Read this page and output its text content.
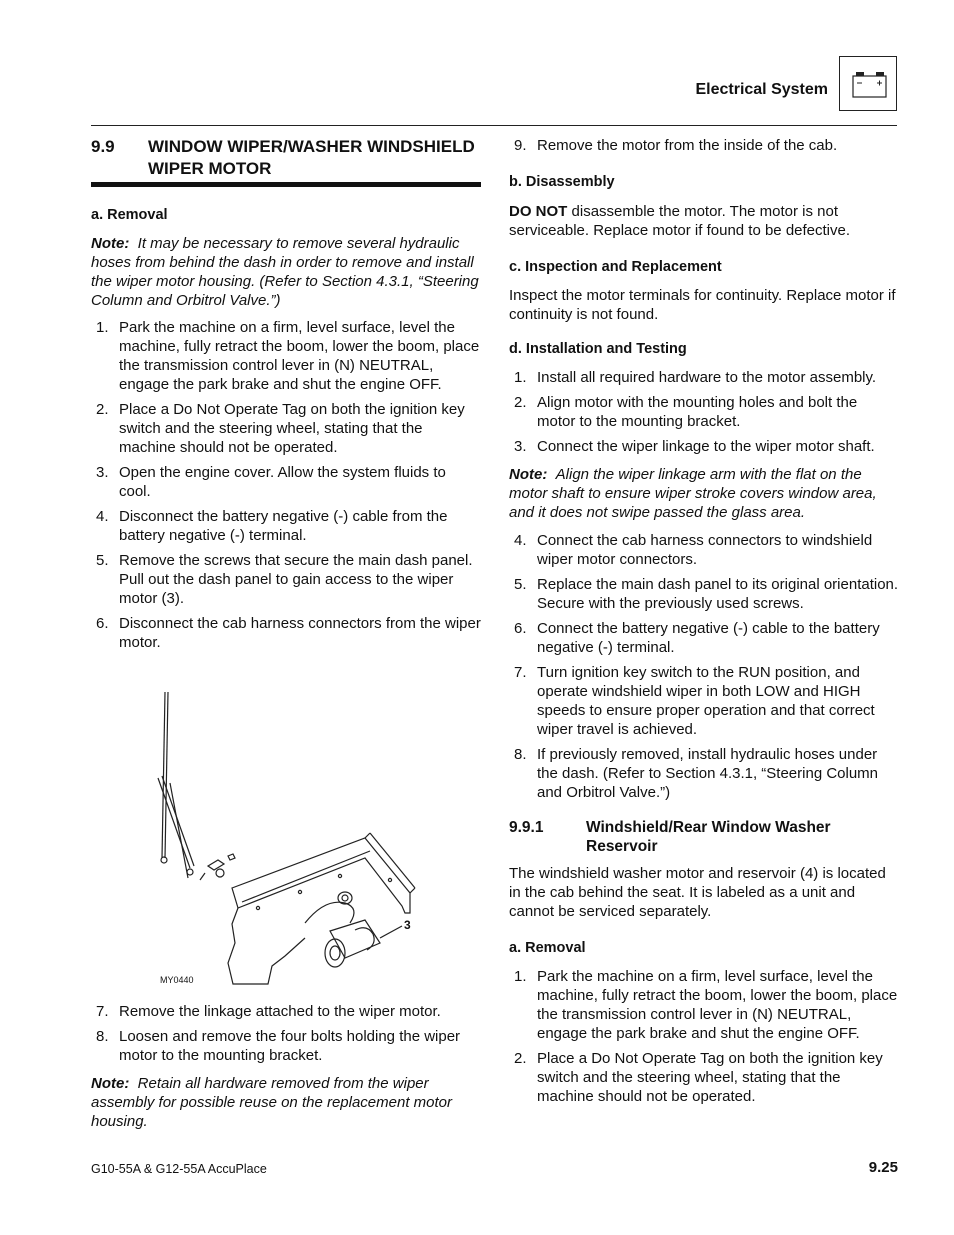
Electrical System
9.9 WINDOW WIPER/WASHER WINDSHIELD WIPER MOTOR
a. Removal
Note: It may be necessary to remove several hydraulic hoses from behind the dash in order to remove and install the wiper motor housing. (Refer to Section 4.3.1, “Steering Column and Orbitrol Valve.”)
1. Park the machine on a firm, level surface, level the machine, fully retract the boom, lower the boom, place the transmission control lever in (N) NEUTRAL, engage the park brake and shut the engine OFF.
2. Place a Do Not Operate Tag on both the ignition key switch and the steering wheel, stating that the machine should not be operated.
3. Open the engine cover. Allow the system fluids to cool.
4. Disconnect the battery negative (-) cable from the battery negative (-) terminal.
5. Remove the screws that secure the main dash panel. Pull out the dash panel to gain access to the wiper motor (3).
6. Disconnect the cab harness connectors from the wiper motor.
3
MY0440
7. Remove the linkage attached to the wiper motor.
8. Loosen and remove the four bolts holding the wiper motor to the mounting bracket.
Note: Retain all hardware removed from the wiper assembly for possible reuse on the replacement motor housing.
9. Remove the motor from the inside of the cab.
b. Disassembly
DO NOT disassemble the motor. The motor is not serviceable. Replace motor if found to be defective.
c. Inspection and Replacement

Inspect the motor terminals for continuity. Replace motor if continuity is not found.

d. Installation and Testing
1. Install all required hardware to the motor assembly.
2. Align motor with the mounting holes and bolt the motor to the mounting bracket.
3. Connect the wiper linkage to the wiper motor shaft.
Note: Align the wiper linkage arm with the flat on the motor shaft to ensure wiper stroke covers window area, and it does not swipe passed the glass area.
4. Connect the cab harness connectors to windshield wiper motor connectors.
5. Replace the main dash panel to its original orientation. Secure with the previously used screws.
6. Connect the battery negative (-) cable to the battery negative (-) terminal.
7. Turn ignition key switch to the RUN position, and operate windshield wiper in both LOW and HIGH speeds to ensure proper operation and that correct wiper travel is achieved.
8. If previously removed, install hydraulic hoses under the dash. (Refer to Section 4.3.1, “Steering Column and Orbitrol Valve.”)
9.9.1	Windshield/Rear Window Washer Reservoir

The windshield washer motor and reservoir (4) is located in the cab behind the seat. It is labeled as a unit and cannot be serviced separately.

a. Removal
1. Park the machine on a firm, level surface, level the machine, fully retract the boom, lower the boom, place the transmission control lever in (N) NEUTRAL, engage the park brake and shut the engine OFF.
2. Place a Do Not Operate Tag on both the ignition key switch and the steering wheel, stating that the machine should not be operated.
G10-55A & G12-55A AccuPlace	9.25
